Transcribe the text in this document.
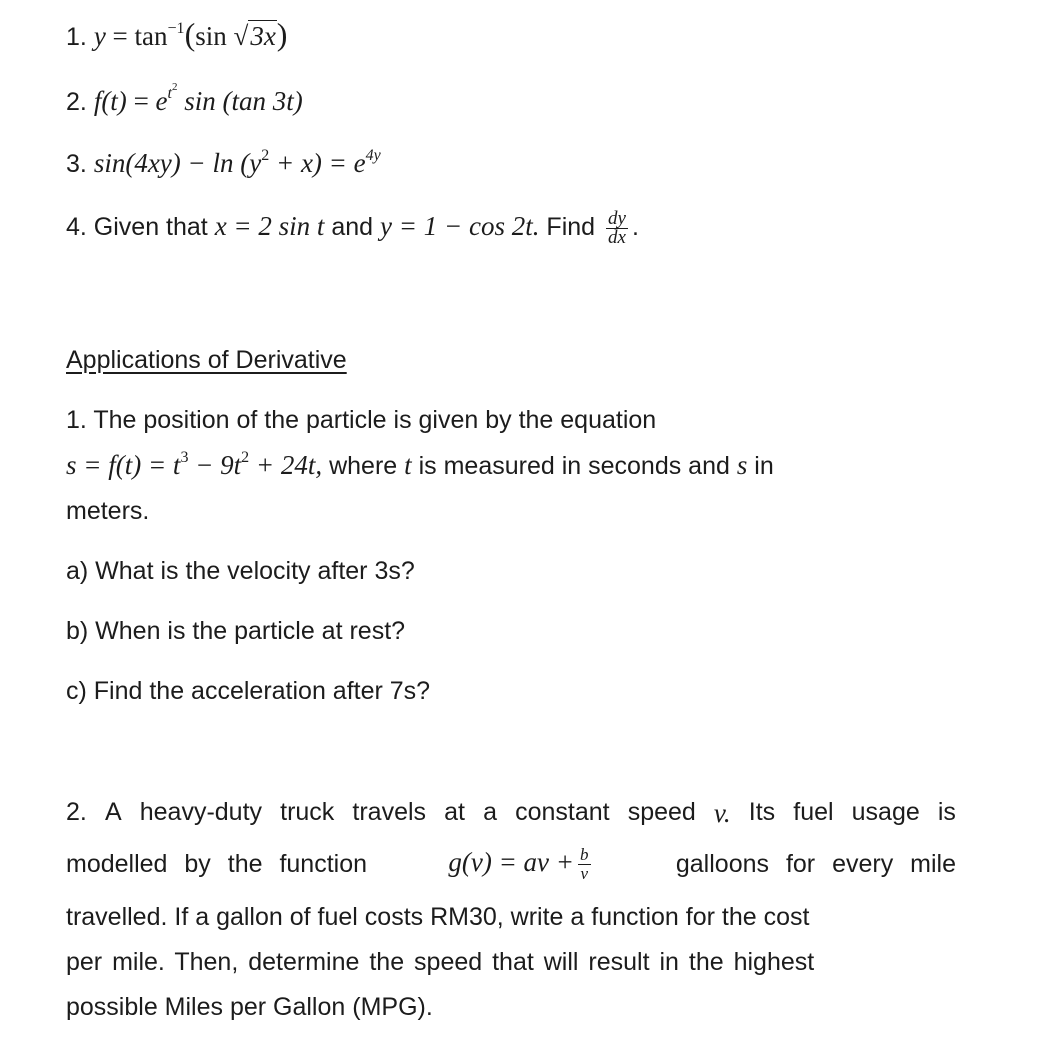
1. $y = \tan^{-1}(\sin$ √3x)
2. $f(t) = e^{t2}$ sin (tan 3t)
3. $\sin(4xy) - \ln (y^2 + x) = e^{4y}$
4. Given that x = 2 sin t and y = 1 − cos 2t. Find $\frac{dy}{dx}$ .
Applications of Derivative
1. The position of the particle is given by the equation
$s = f(t) = t^3 - 9t^2 + 24t$, where t is measured in seconds and s in
meters.
a) What is the velocity after 3s?
b) When is the particle at rest?
c) Find the acceleration after 7s?
2. A heavy-duty truck travels at a constant speed v. Its fuel usage is
modelled by the function	g(v) = av + $\frac{b}{v}$	galloons for every mile
travelled. If a gallon of fuel costs RM30, write a function for the cost
per mile. Then, determine the speed that will result in the highest
possible Miles per Gallon (MPG).
